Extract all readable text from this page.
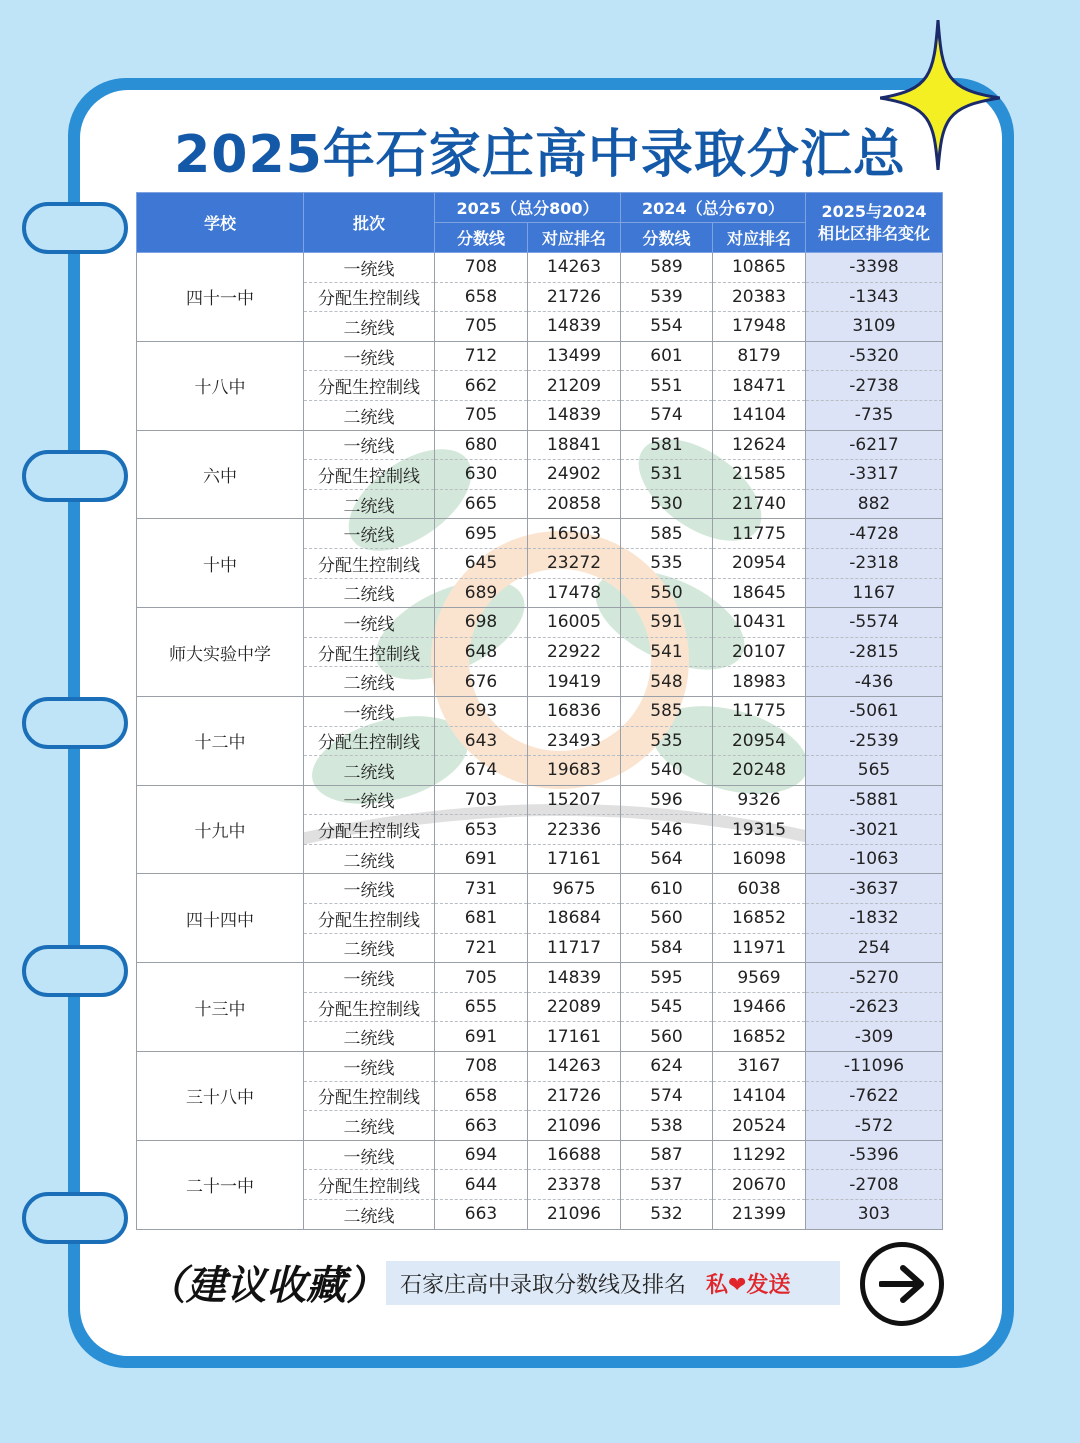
2025年石家庄高中录取分汇总
学校	批次	2025（总分800）		2024（总分670）		2025与2024
相比区排名变化
		分数线	对应排名	分数线	对应排名	
四十一中	一统线	708	14263	589	10865	-3398
	分配生控制线	658	21726	539	20383	-1343
	二统线	705	14839	554	17948	3109
十八中	一统线	712	13499	601	8179	-5320
	分配生控制线	662	21209	551	18471	-2738
	二统线	705	14839	574	14104	-735
六中	一统线	680	18841	581	12624	-6217
	分配生控制线	630	24902	531	21585	-3317
	二统线	665	20858	530	21740	882
十中	一统线	695	16503	585	11775	-4728
	分配生控制线	645	23272	535	20954	-2318
	二统线	689	17478	550	18645	1167
师大实验中学	一统线	698	16005	591	10431	-5574
	分配生控制线	648	22922	541	20107	-2815
	二统线	676	19419	548	18983	-436
十二中	一统线	693	16836	585	11775	-5061
	分配生控制线	643	23493	535	20954	-2539
	二统线	674	19683	540	20248	565
十九中	一统线	703	15207	596	9326	-5881
	分配生控制线	653	22336	546	19315	-3021
	二统线	691	17161	564	16098	-1063
四十四中	一统线	731	9675	610	6038	-3637
	分配生控制线	681	18684	560	16852	-1832
	二统线	721	11717	584	11971	254
十三中	一统线	705	14839	595	9569	-5270
	分配生控制线	655	22089	545	19466	-2623
	二统线	691	17161	560	16852	-309
三十八中	一统线	708	14263	624	3167	-11096
	分配生控制线	658	21726	574	14104	-7622
	二统线	663	21096	538	20524	-572
二十一中	一统线	694	16688	587	11292	-5396
	分配生控制线	644	23378	537	20670	-2708
	二统线	663	21096	532	21399	303
（建议收藏） 石家庄高中录取分数线及排名 私❤发送
